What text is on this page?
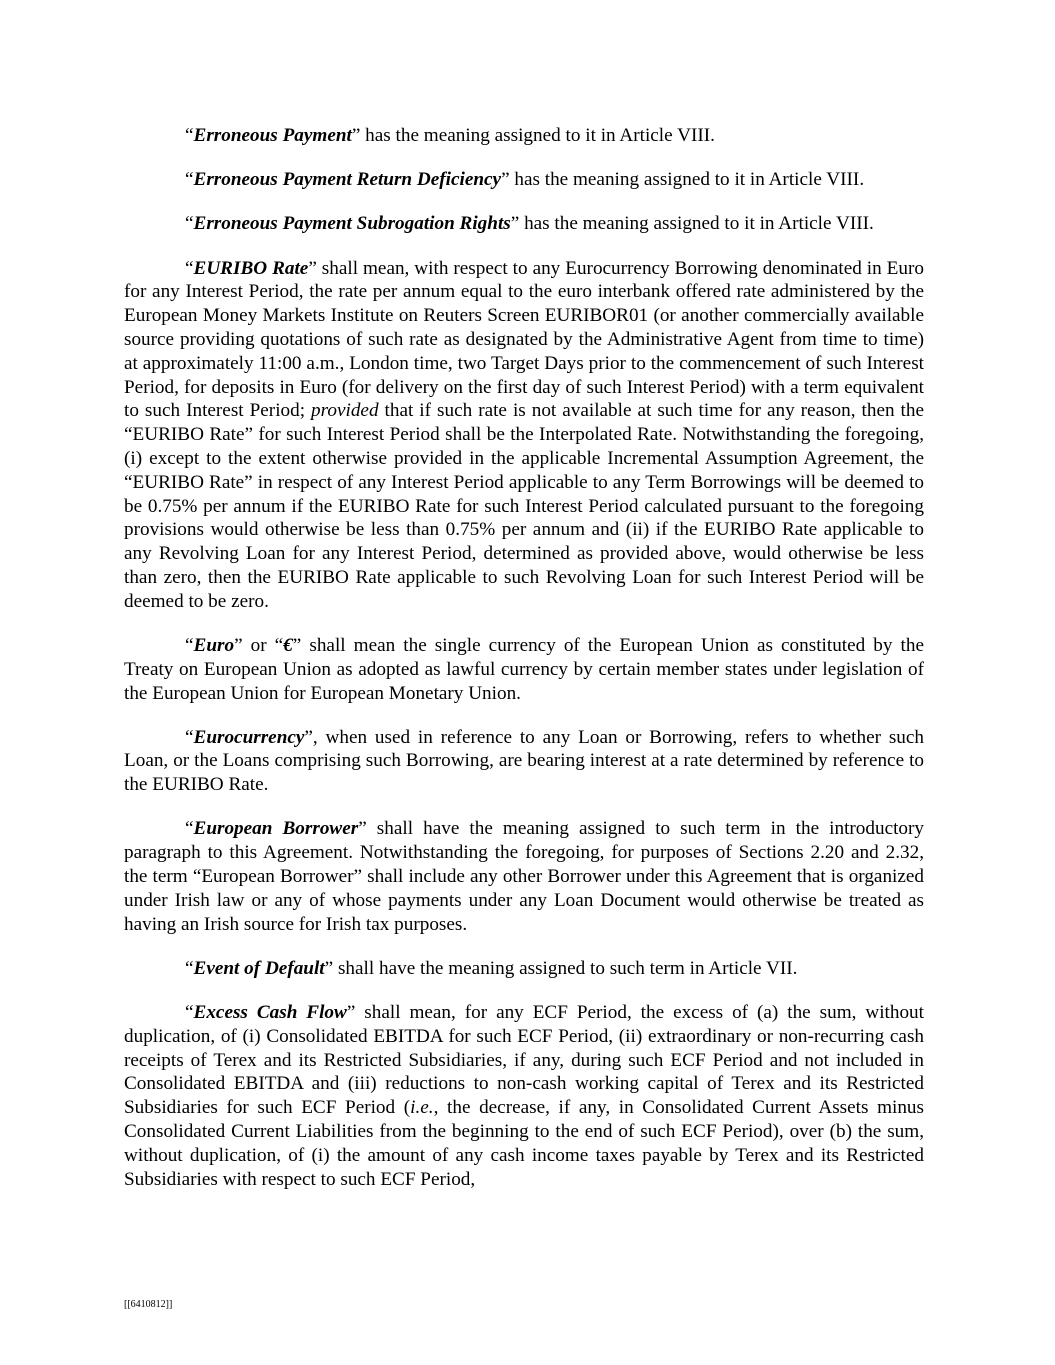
“Erroneous Payment” has the meaning assigned to it in Article VIII.

“Erroneous Payment Return Deficiency” has the meaning assigned to it in Article VIII.

“Erroneous Payment Subrogation Rights” has the meaning assigned to it in Article VIII.

“EURIBO Rate” shall mean, with respect to any Eurocurrency Borrowing denominated in Euro for any Interest Period, the rate per annum equal to the euro interbank offered rate administered by the European Money Markets Institute on Reuters Screen EURIBOR01 (or another commercially available source providing quotations of such rate as designated by the Administrative Agent from time to time) at approximately 11:00 a.m., London time, two Target Days prior to the commencement of such Interest Period, for deposits in Euro (for delivery on the first day of such Interest Period) with a term equivalent to such Interest Period; provided that if such rate is not available at such time for any reason, then the “EURIBO Rate” for such Interest Period shall be the Interpolated Rate. Notwithstanding the foregoing, (i) except to the extent otherwise provided in the applicable Incremental Assumption Agreement, the “EURIBO Rate” in respect of any Interest Period applicable to any Term Borrowings will be deemed to be 0.75% per annum if the EURIBO Rate for such Interest Period calculated pursuant to the foregoing provisions would otherwise be less than 0.75% per annum and (ii) if the EURIBO Rate applicable to any Revolving Loan for any Interest Period, determined as provided above, would otherwise be less than zero, then the EURIBO Rate applicable to such Revolving Loan for such Interest Period will be deemed to be zero.

“Euro” or “€” shall mean the single currency of the European Union as constituted by the Treaty on European Union as adopted as lawful currency by certain member states under legislation of the European Union for European Monetary Union.

“Eurocurrency”, when used in reference to any Loan or Borrowing, refers to whether such Loan, or the Loans comprising such Borrowing, are bearing interest at a rate determined by reference to the EURIBO Rate.

“European Borrower” shall have the meaning assigned to such term in the introductory paragraph to this Agreement. Notwithstanding the foregoing, for purposes of Sections 2.20 and 2.32, the term “European Borrower” shall include any other Borrower under this Agreement that is organized under Irish law or any of whose payments under any Loan Document would otherwise be treated as having an Irish source for Irish tax purposes.

“Event of Default” shall have the meaning assigned to such term in Article VII.

“Excess Cash Flow” shall mean, for any ECF Period, the excess of (a) the sum, without duplication, of (i) Consolidated EBITDA for such ECF Period, (ii) extraordinary or non-recurring cash receipts of Terex and its Restricted Subsidiaries, if any, during such ECF Period and not included in Consolidated EBITDA and (iii) reductions to non-cash working capital of Terex and its Restricted Subsidiaries for such ECF Period (i.e., the decrease, if any, in Consolidated Current Assets minus Consolidated Current Liabilities from the beginning to the end of such ECF Period), over (b) the sum, without duplication, of (i) the amount of any cash income taxes payable by Terex and its Restricted Subsidiaries with respect to such ECF Period,

[[6410812]]
